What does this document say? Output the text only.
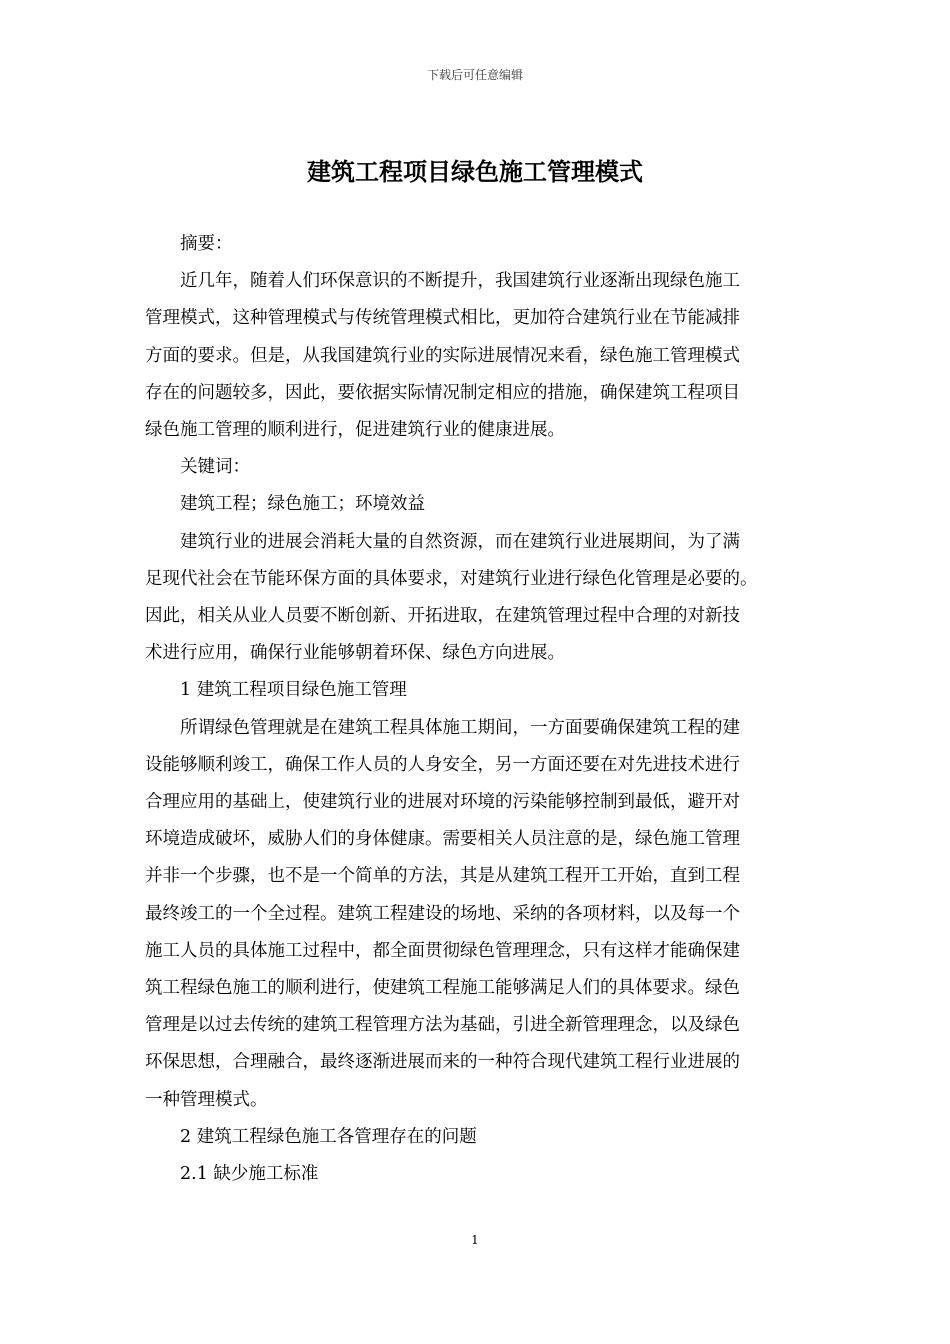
下载后可任意编辑
建筑工程项目绿色施工管理模式

摘要：

近几年，随着人们环保意识的不断提升，我国建筑行业逐渐出现绿色施工

管理模式，这种管理模式与传统管理模式相比，更加符合建筑行业在节能减排

方面的要求。但是，从我国建筑行业的实际进展情况来看，绿色施工管理模式

存在的问题较多，因此，要依据实际情况制定相应的措施，确保建筑工程项目

绿色施工管理的顺利进行，促进建筑行业的健康进展。

关键词：

建筑工程；绿色施工；环境效益

建筑行业的进展会消耗大量的自然资源，而在建筑行业进展期间，为了满

足现代社会在节能环保方面的具体要求，对建筑行业进行绿色化管理是必要的。

因此，相关从业人员要不断创新、开拓进取，在建筑管理过程中合理的对新技

术进行应用，确保行业能够朝着环保、绿色方向进展。

1 建筑工程项目绿色施工管理

所谓绿色管理就是在建筑工程具体施工期间，一方面要确保建筑工程的建

设能够顺利竣工，确保工作人员的人身安全，另一方面还要在对先进技术进行

合理应用的基础上，使建筑行业的进展对环境的污染能够控制到最低，避开对

环境造成破坏，威胁人们的身体健康。需要相关人员注意的是，绿色施工管理

并非一个步骤，也不是一个简单的方法，其是从建筑工程开工开始，直到工程

最终竣工的一个全过程。建筑工程建设的场地、采纳的各项材料，以及每一个

施工人员的具体施工过程中，都全面贯彻绿色管理理念，只有这样才能确保建

筑工程绿色施工的顺利进行，使建筑工程施工能够满足人们的具体要求。绿色

管理是以过去传统的建筑工程管理方法为基础，引进全新管理理念，以及绿色

环保思想，合理融合，最终逐渐进展而来的一种符合现代建筑工程行业进展的

一种管理模式。

2 建筑工程绿色施工各管理存在的问题

2.1 缺少施工标准

1
